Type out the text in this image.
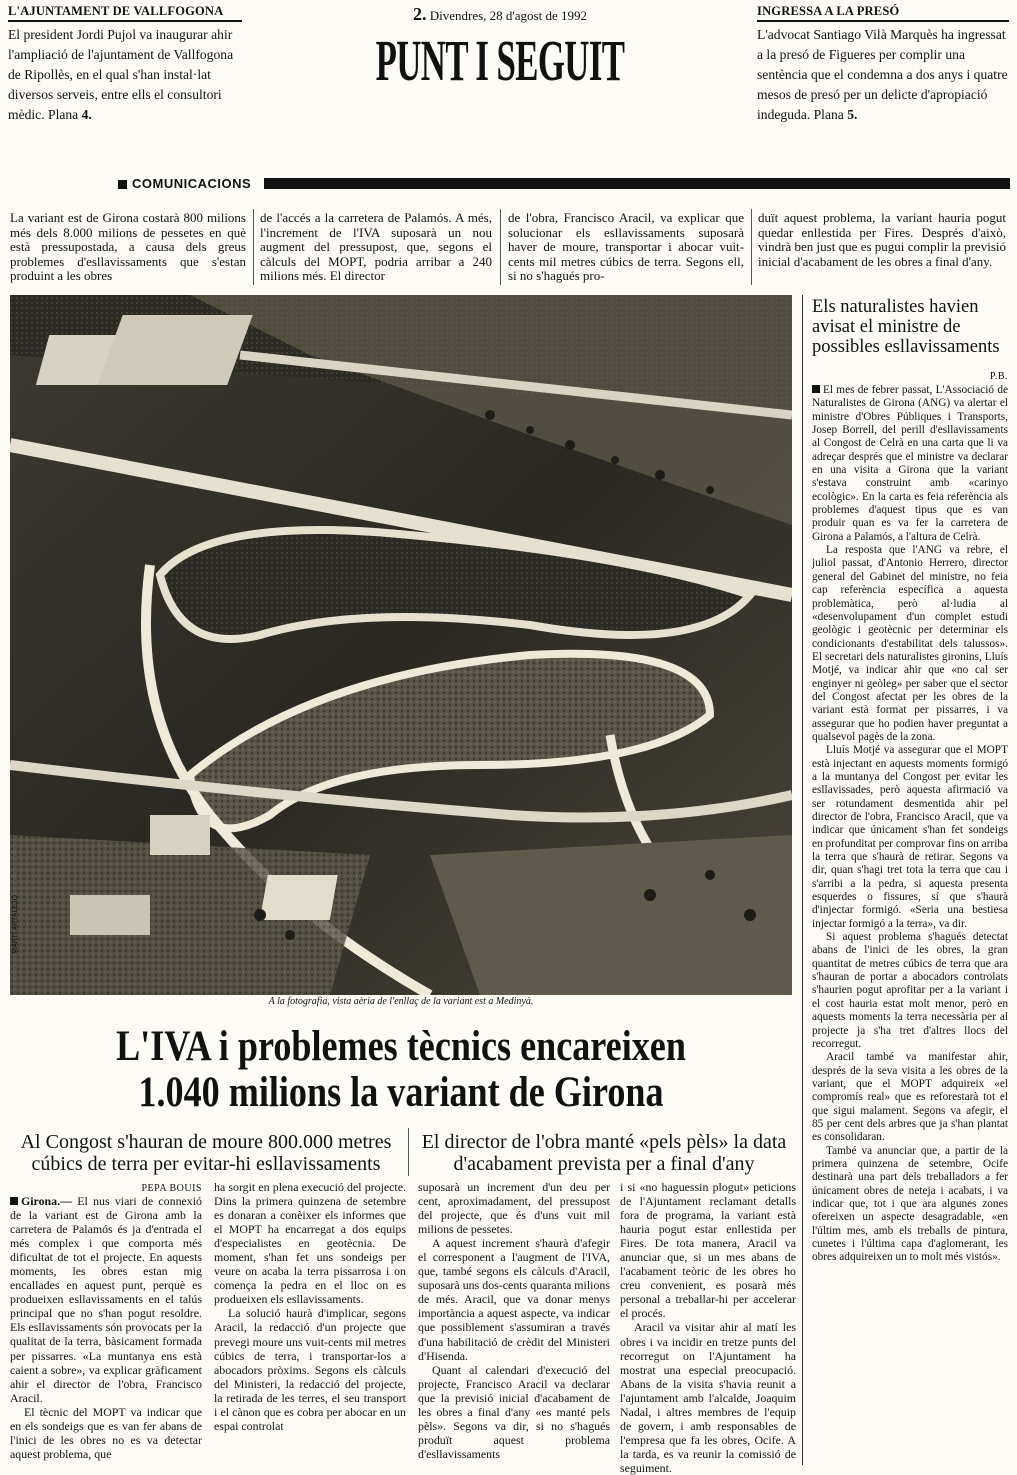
L'AJUNTAMENT DE VALLFOGONA
El president Jordi Pujol va inaugurar ahir l'ampliació de l'ajuntament de Vallfogona de Ripollès, en el qual s'han instal·lat diversos serveis, entre ells el consultori mèdic. Plana 4.
2. Divendres, 28 d'agost de 1992
PUNT I SEGUIT
INGRESSA A LA PRESÓ
L'advocat Santiago Vilà Marquès ha ingressat a la presó de Figueres per complir una sentència que el condemna a dos anys i quatre mesos de presó per un delicte d'apropiació indeguda. Plana 5.
COMUNICACIONS
La variant est de Girona costarà 800 milions més dels 8.000 milions de pessetes en què està pressupostada, a causa dels greus problemes d'esllavissaments que s'estan produint a les obres
de l'accés a la carretera de Palamós. A més, l'increment de l'IVA suposarà un nou augment del pressupost, que, segons el càlculs del MOPT, podria arribar a 240 milions més. El director
de l'obra, Francisco Aracil, va explicar que solucionar els esllavissaments suposarà haver de moure, transportar i abocar vuit-cents mil metres cúbics de terra. Segons ell, si no s'hagués pro-
duït aquest problema, la variant hauria pogut quedar enllestida per Fires. Després d'això, vindrà ben just que es pugui complir la previsió inicial d'acabament de les obres a final d'any.
MARTÍ ARTALEJO
A la fotografia, vista aèria de l'enllaç de la variant est a Medinyà.
L'IVA i problemes tècnics encareixen
1.040 milions la variant de Girona
Al Congost s'hauran de moure 800.000 metres cúbics de terra per evitar-hi esllavissaments
El director de l'obra manté «pels pèls» la data d'acabament prevista per a final d'any
PEPA BOUIS

Girona.— El nus viari de connexió de la variant est de Girona amb la carretera de Palamós és ja d'entrada el més complex i que comporta més dificultat de tot el projecte. En aquests moments, les obres estan mig encallades en aquest punt, perquè es produeixen esllavissaments en el talús principal que no s'han pogut resoldre. Els esllavissaments són provocats per la qualitat de la terra, bàsicament formada per pissarres. «La muntanya ens està caient a sobre», va explicar gràficament ahir el director de l'obra, Francisco Aracil.

El tècnic del MOPT va indicar que en els sondeigs que es van fer abans de l'inici de les obres no es va detectar aquest problema, que

ha sorgit en plena execució del projecte. Dins la primera quinzena de setembre es donaran a conèixer els informes que el MOPT ha encarregat a dos equips d'especialistes en geotècnia. De moment, s'han fet uns sondeigs per veure on acaba la terra pissarrosa i on comença la pedra en el lloc on es produeixen els esllavissaments.

La solució haurà d'implicar, segons Aracil, la redacció d'un projecte que prevegi moure uns vuit-cents mil metres cúbics de terra, i transportar-los a abocadors pròxims. Segons els càlculs del Ministeri, la redacció del projecte, la retirada de les terres, el seu transport i el cànon que es cobra per abocar en un espai controlat

suposarà un increment d'un deu per cent, aproximadament, del pressupost del projecte, que és d'uns vuit mil milions de pessetes.

A aquest increment s'haurà d'afegir el corresponent a l'augment de l'IVA, que, també segons els càlculs d'Aracil, suposarà uns dos-cents quaranta milions de més. Aracil, que va donar menys importància a aquest aspecte, va indicar que possiblement s'assumiran a través d'una habilitació de crèdit del Ministeri d'Hisenda.

Quant al calendari d'execució del projecte, Francisco Aracil va declarar que la previsió inicial d'acabament de les obres a final d'any «es manté pels pèls». Segons va dir, si no s'hagués produït aquest problema d'esllavissaments

i si «no haguessin plogut» peticions de l'Ajuntament reclamant detalls fora de programa, la variant està hauria pogut estar enllestida per Fires. De tota manera, Aracil va anunciar que, si un mes abans de l'acabament teòric de les obres ho creu convenient, es posarà més personal a treballar-hi per accelerar el procés.

Aracil va visitar ahir al matí les obres i va incidir en tretze punts del recorregut on l'Ajuntament ha mostrat una especial preocupació. Abans de la visita s'havia reunit a l'ajuntament amb l'alcalde, Joaquim Nadal, i altres membres de l'equip de govern, i amb responsables de l'empresa que fa les obres, Ocife. A la tarda, es va reunir la comissió de seguiment.

Els naturalistes havien avisat el ministre de possibles esllavissaments
P.B.

El mes de febrer passat, L'Associació de Naturalistes de Girona (ANG) va alertar el ministre d'Obres Públiques i Transports, Josep Borrell, del perill d'esllavissaments al Congost de Celrà en una carta que li va adreçar després que el ministre va declarar en una visita a Girona que la variant s'estava construint amb «carinyo ecològic». En la carta es feia referència als problemes d'aquest tipus que es van produir quan es va fer la carretera de Girona a Palamós, a l'altura de Celrà.

La resposta que l'ANG va rebre, el juliol passat, d'Antonio Herrero, director general del Gabinet del ministre, no feia cap referència específica a aquesta problemàtica, però al·ludia al «desenvolupament d'un complet estudi geològic i geotècnic per determinar els condicionants d'estabilitat dels talussos». El secretari dels naturalistes gironins, Lluís Motjé, va indicar ahir que «no cal ser enginyer ni geòleg» per saber que el sector del Congost afectat per les obres de la variant està format per pissarres, i va assegurar que ho podien haver preguntat a qualsevol pagès de la zona.

Lluís Motjé va assegurar que el MOPT està injectant en aquests moments formigó a la muntanya del Congost per evitar les esllavissades, però aquesta afirmació va ser rotundament desmentida ahir pel director de l'obra, Francisco Aracil, que va indicar que únicament s'han fet sondeigs en profunditat per comprovar fins on arriba la terra que s'haurà de retirar. Segons va dir, quan s'hagi tret tota la terra que cau i s'arribi a la pedra, si aquesta presenta esquerdes o fissures, sí que s'haurà d'injectar formigó. «Seria una bestiesa injectar formigó a la terra», va dir.

Si aquest problema s'hagués detectat abans de l'inici de les obres, la gran quantitat de metres cúbics de terra que ara s'hauran de portar a abocadors controlats s'haurien pogut aprofitar per a la variant i el cost hauria estat molt menor, però en aquests moments la terra necessària per al projecte ja s'ha tret d'altres llocs del recorregut.

Aracil també va manifestar ahir, després de la seva visita a les obres de la variant, que el MOPT adquireix «el compromís real» que es reforestarà tot el que sigui malament. Segons va afegir, el 85 per cent dels arbres que ja s'han plantat es consolidaran.

També va anunciar que, a partir de la primera quinzena de setembre, Ocife destinarà una part dels treballadors a fer únicament obres de neteja i acabats, i va indicar que, tot i que ara algunes zones ofereixen un aspecte desagradable, «en l'últim mes, amb els treballs de pintura, cunetes i l'última capa d'aglomerant, les obres adquireixen un to molt més vistós».
